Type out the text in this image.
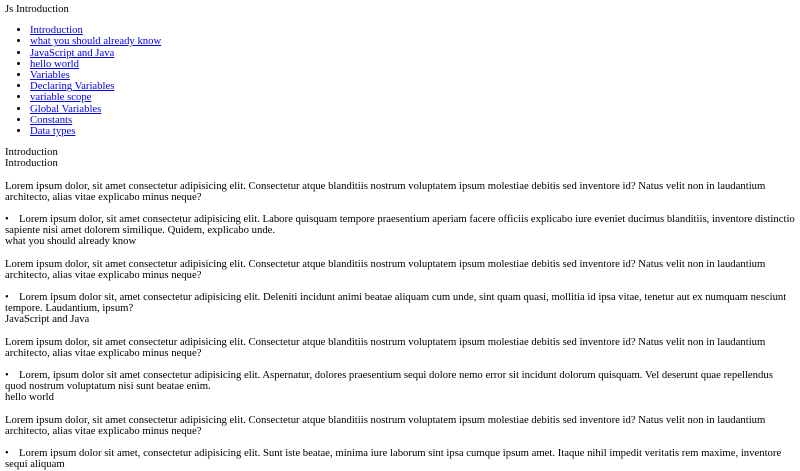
Js Introduction
• Introduction
• what you should already know
• JavaScript and Java
• hello world
• Variables
• Declaring Variables
• variable scope
• Global Variables
• Constants
• Data types
Introduction
Introduction

Lorem ipsum dolor, sit amet consectetur adipisicing elit. Consectetur atque blanditiis nostrum voluptatem ipsum molestiae debitis sed inventore id? Natus velit non in laudantium architecto, alias vitae explicabo minus neque?

• Lorem ipsum dolor, sit amet consectetur adipisicing elit. Labore quisquam tempore praesentium aperiam facere officiis explicabo iure eveniet ducimus blanditiis, inventore distinctio sapiente nisi amet dolorem similique. Quidem, explicabo unde.
what you should already know

Lorem ipsum dolor, sit amet consectetur adipisicing elit. Consectetur atque blanditiis nostrum voluptatem ipsum molestiae debitis sed inventore id? Natus velit non in laudantium architecto, alias vitae explicabo minus neque?

• Lorem ipsum dolor sit, amet consectetur adipisicing elit. Deleniti incidunt animi beatae aliquam cum unde, sint quam quasi, mollitia id ipsa vitae, tenetur aut ex numquam nesciunt tempore. Laudantium, ipsum?
JavaScript and Java

Lorem ipsum dolor, sit amet consectetur adipisicing elit. Consectetur atque blanditiis nostrum voluptatem ipsum molestiae debitis sed inventore id? Natus velit non in laudantium architecto, alias vitae explicabo minus neque?

• Lorem, ipsum dolor sit amet consectetur adipisicing elit. Aspernatur, dolores praesentium sequi dolore nemo error sit incidunt dolorum quisquam. Vel deserunt quae repellendus quod nostrum voluptatum nisi sunt beatae enim.
hello world

Lorem ipsum dolor, sit amet consectetur adipisicing elit. Consectetur atque blanditiis nostrum voluptatem ipsum molestiae debitis sed inventore id? Natus velit non in laudantium architecto, alias vitae explicabo minus neque?

• Lorem ipsum dolor sit amet, consectetur adipisicing elit. Sunt iste beatae, minima iure laborum sint ipsa cumque ipsum amet. Itaque nihil impedit veritatis rem maxime, inventore sequi aliquam
